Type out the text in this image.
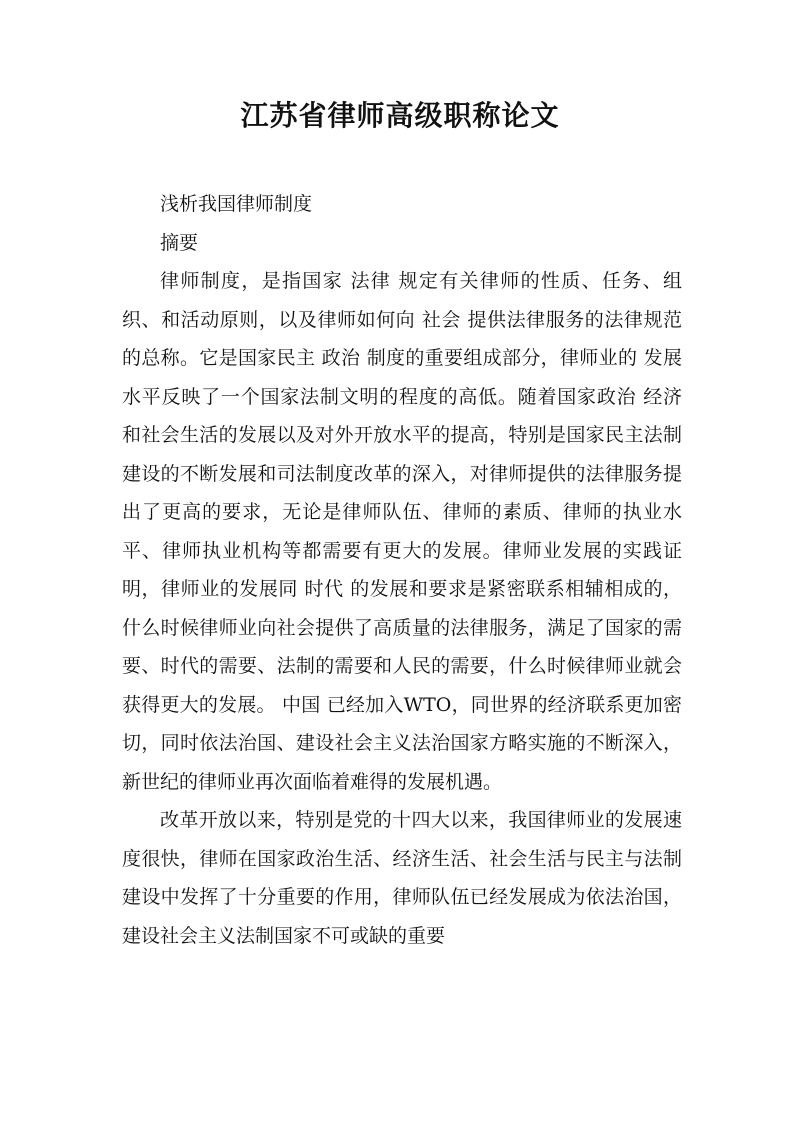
江苏省律师高级职称论文

浅析我国律师制度

摘要

律师制度，是指国家 法律 规定有关律师的性质、任务、组织、和活动原则，以及律师如何向 社会 提供法律服务的法律规范的总称。它是国家民主 政治 制度的重要组成部分，律师业的 发展 水平反映了一个国家法制文明的程度的高低。随着国家政治 经济 和社会生活的发展以及对外开放水平的提高，特别是国家民主法制建设的不断发展和司法制度改革的深入，对律师提供的法律服务提出了更高的要求，无论是律师队伍、律师的素质、律师的执业水平、律师执业机构等都需要有更大的发展。律师业发展的实践证明，律师业的发展同 时代 的发展和要求是紧密联系相辅相成的，什么时候律师业向社会提供了高质量的法律服务，满足了国家的需要、时代的需要、法制的需要和人民的需要，什么时候律师业就会获得更大的发展。 中国 已经加入WTO，同世界的经济联系更加密切，同时依法治国、建设社会主义法治国家方略实施的不断深入，新世纪的律师业再次面临着难得的发展机遇。

改革开放以来，特别是党的十四大以来，我国律师业的发展速度很快，律师在国家政治生活、经济生活、社会生活与民主与法制建设中发挥了十分重要的作用，律师队伍已经发展成为依法治国，建设社会主义法制国家不可或缺的重要
